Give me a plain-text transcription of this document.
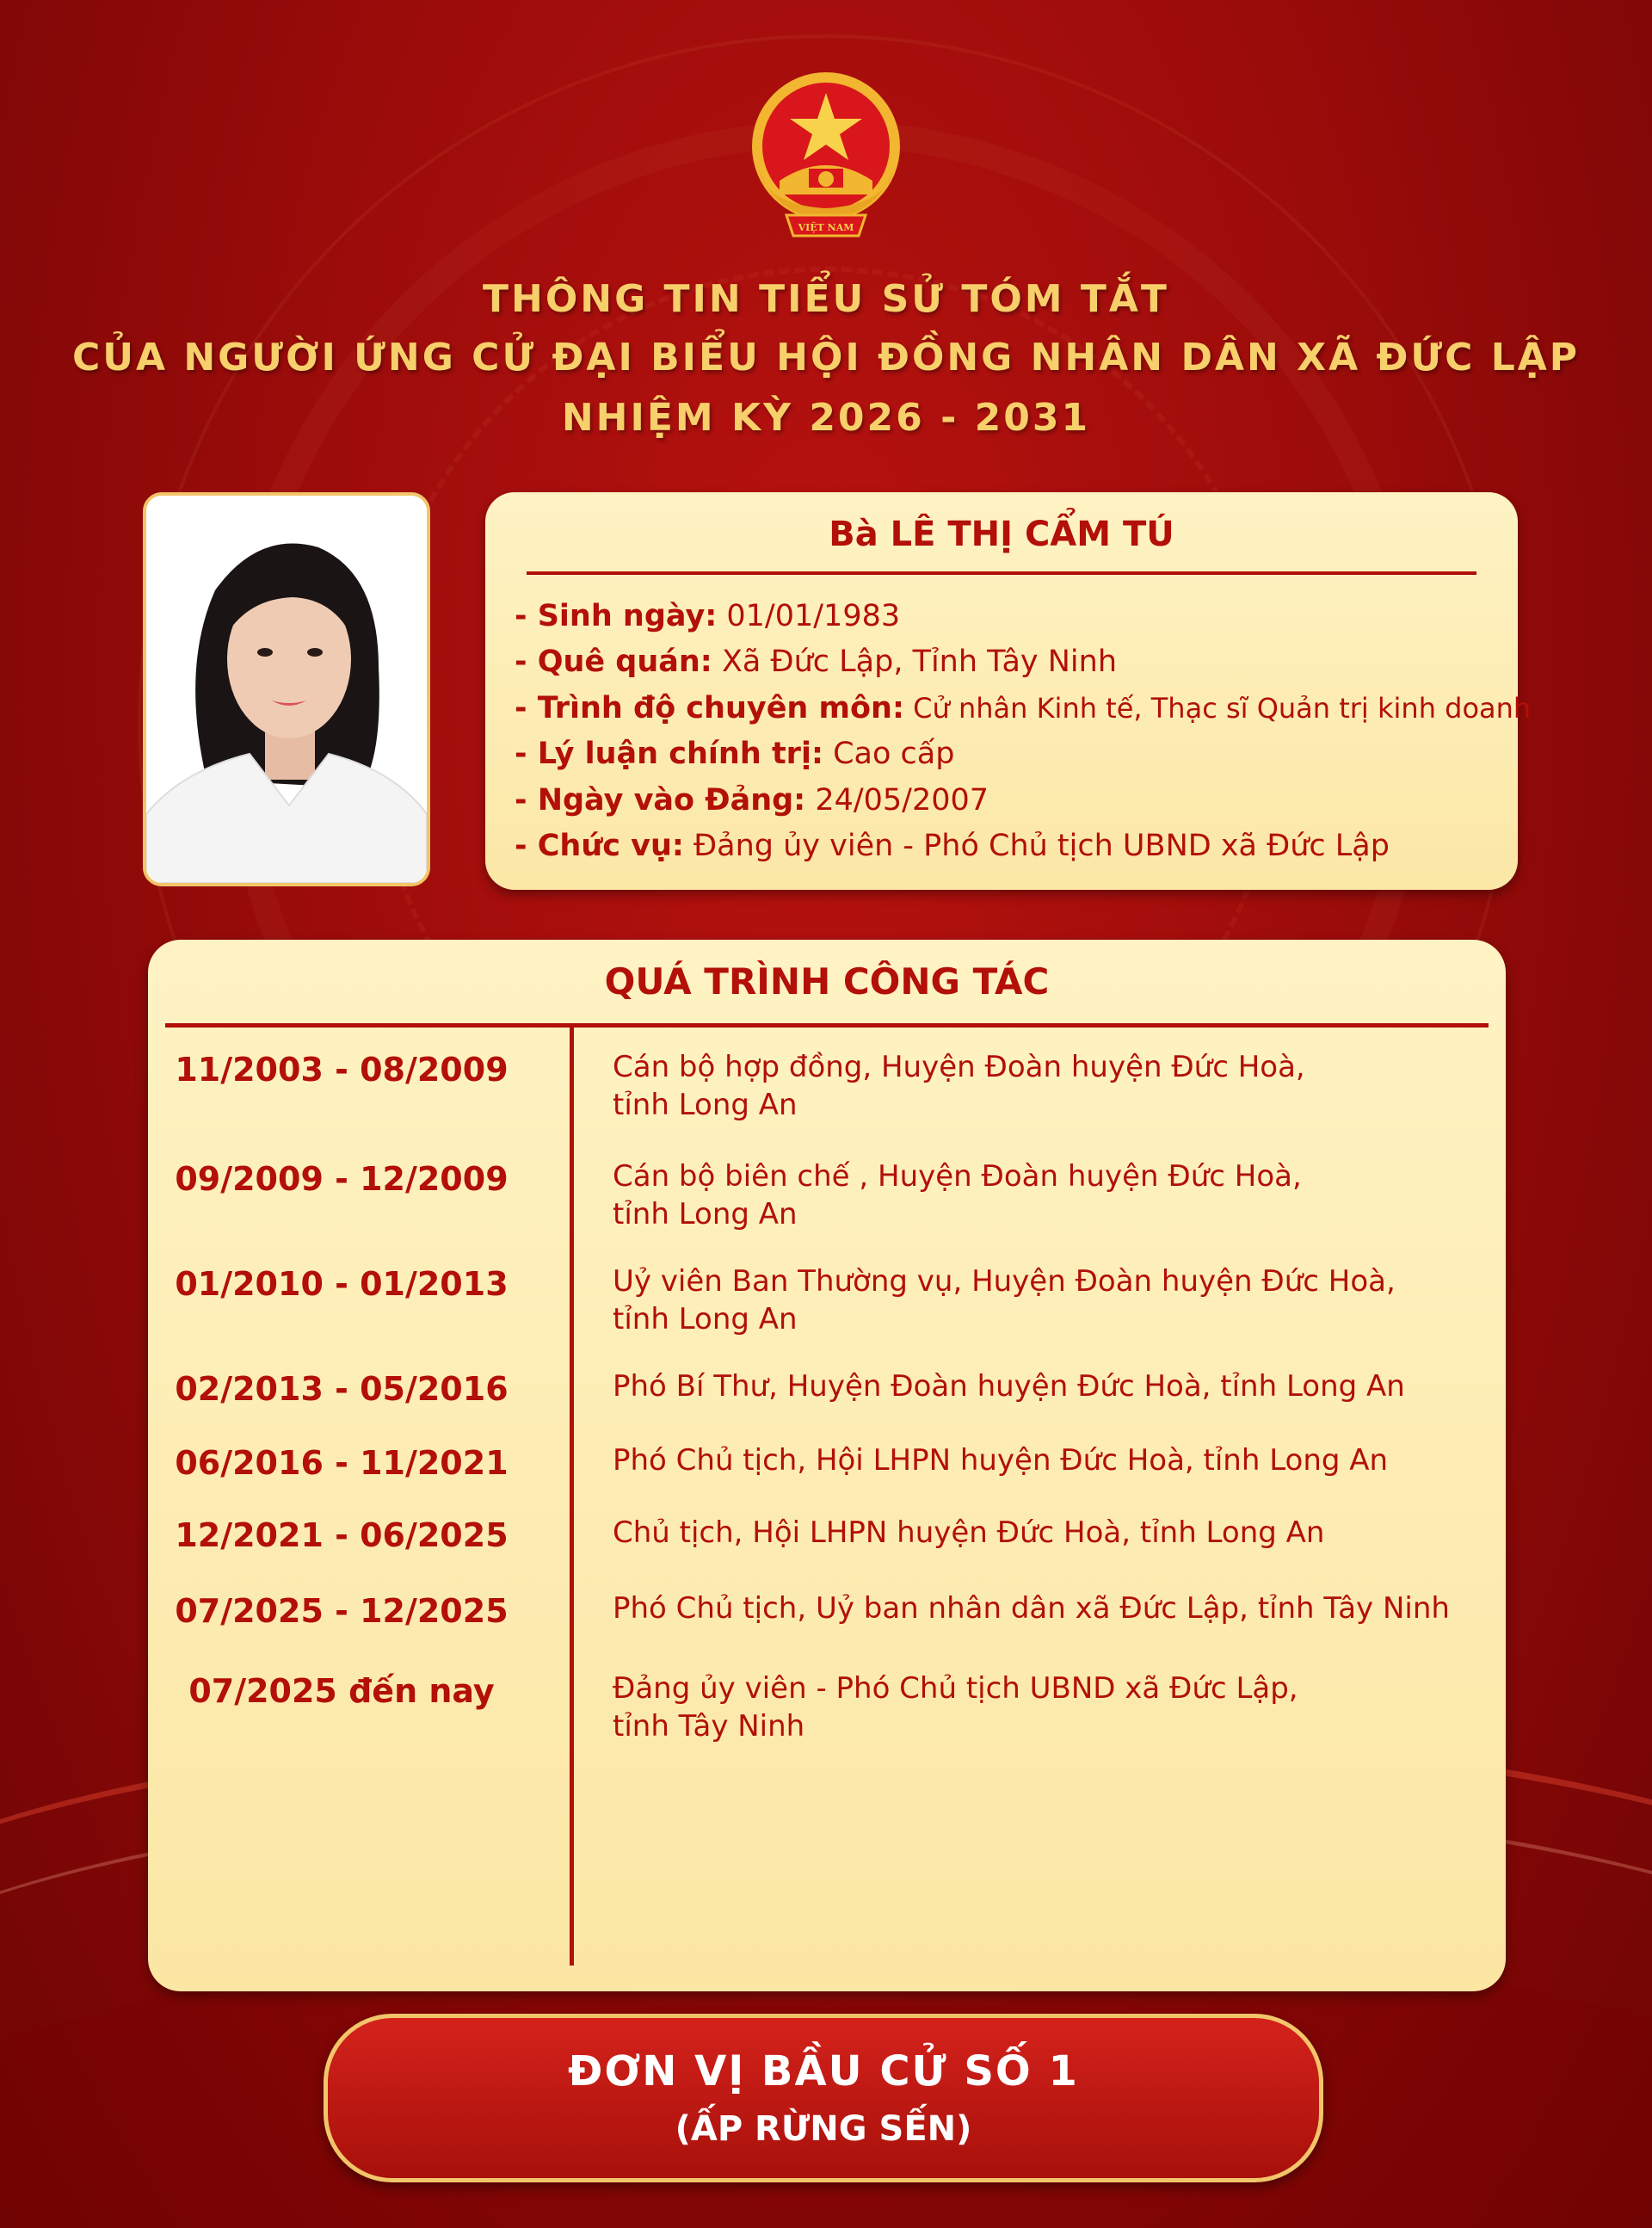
VIỆT NAM
THÔNG TIN TIỂU SỬ TÓM TẮT
CỦA NGƯỜI ỨNG CỬ ĐẠI BIỂU HỘI ĐỒNG NHÂN DÂN XÃ ĐỨC LẬP
NHIỆM KỲ 2026 - 2031
Bà LÊ THỊ CẨM TÚ
- Sinh ngày: 01/01/1983
- Quê quán: Xã Đức Lập, Tỉnh Tây Ninh
- Trình độ chuyên môn: Cử nhân Kinh tế, Thạc sĩ Quản trị kinh doanh
- Lý luận chính trị: Cao cấp
- Ngày vào Đảng: 24/05/2007
- Chức vụ: Đảng ủy viên - Phó Chủ tịch UBND xã Đức Lập
QUÁ TRÌNH CÔNG TÁC
11/2003 - 08/2009	Cán bộ hợp đồng, Huyện Đoàn huyện Đức Hoà,
tỉnh Long An
09/2009 - 12/2009	Cán bộ biên chế , Huyện Đoàn huyện Đức Hoà,
tỉnh Long An
01/2010 - 01/2013	Uỷ viên Ban Thường vụ, Huyện Đoàn huyện Đức Hoà,
tỉnh Long An
02/2013 - 05/2016	Phó Bí Thư, Huyện Đoàn huyện Đức Hoà, tỉnh Long An
06/2016 - 11/2021	Phó Chủ tịch, Hội LHPN huyện Đức Hoà, tỉnh Long An
12/2021 - 06/2025	Chủ tịch, Hội LHPN huyện Đức Hoà, tỉnh Long An
07/2025 - 12/2025	Phó Chủ tịch, Uỷ ban nhân dân xã Đức Lập, tỉnh Tây Ninh
07/2025 đến nay	Đảng ủy viên - Phó Chủ tịch UBND xã Đức Lập,
tỉnh Tây Ninh
ĐƠN VỊ BẦU CỬ SỐ 1
(ẤP RỪNG SẾN)
